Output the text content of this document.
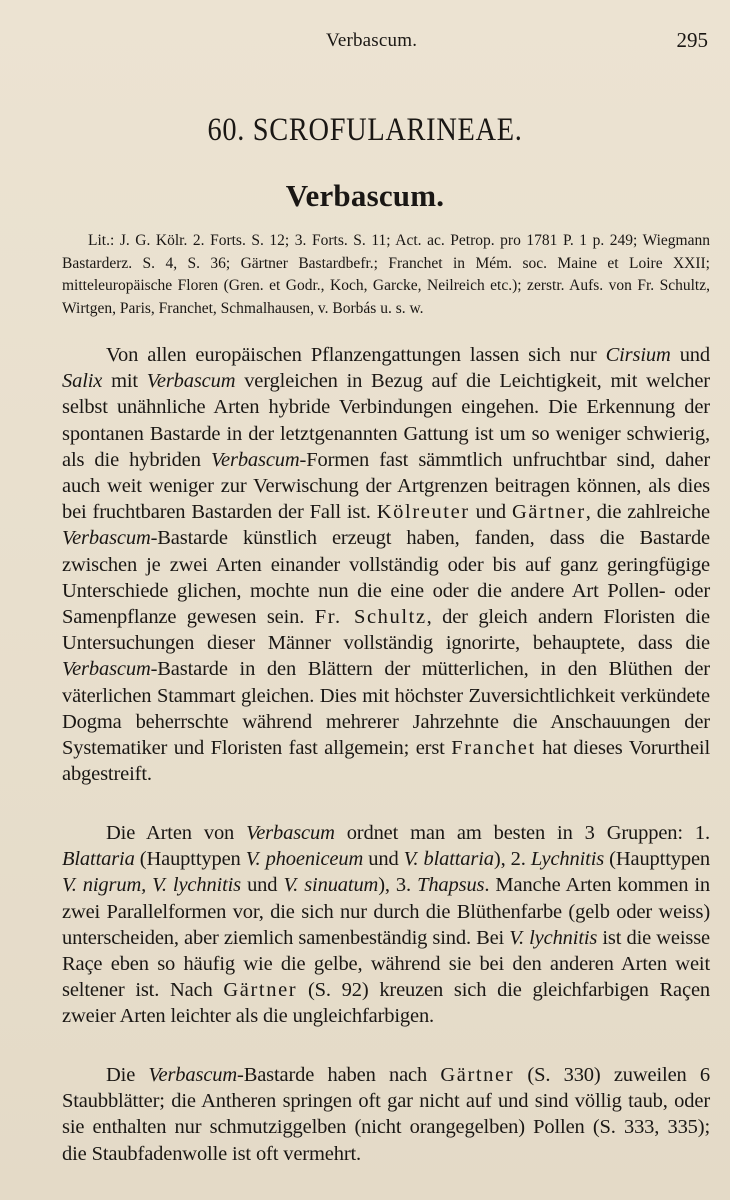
Verbascum.	295
60. SCROFULARINEAE.
Verbascum.

Lit.: J. G. Kölr. 2. Forts. S. 12; 3. Forts. S. 11; Act. ac. Petrop. pro 1781 P. 1 p. 249; Wiegmann Bastarderz. S. 4, S. 36; Gärtner Bastardbefr.; Franchet in Mém. soc. Maine et Loire XXII; mitteleuropäische Floren (Gren. et Godr., Koch, Garcke, Neilreich etc.); zerstr. Aufs. von Fr. Schultz, Wirtgen, Paris, Franchet, Schmalhausen, v. Borbás u. s. w.

Von allen europäischen Pflanzengattungen lassen sich nur Cirsium und Salix mit Verbascum vergleichen in Bezug auf die Leichtigkeit, mit welcher selbst unähnliche Arten hybride Verbindungen eingehen. Die Erkennung der spontanen Bastarde in der letztgenannten Gattung ist um so weniger schwierig, als die hybriden Verbascum-Formen fast sämmtlich unfruchtbar sind, daher auch weit weniger zur Verwischung der Artgrenzen beitragen können, als dies bei fruchtbaren Bastarden der Fall ist. Kölreuter und Gärtner, die zahlreiche Verbascum-Bastarde künstlich erzeugt haben, fanden, dass die Bastarde zwischen je zwei Arten einander vollständig oder bis auf ganz geringfügige Unterschiede glichen, mochte nun die eine oder die andere Art Pollen- oder Samenpflanze gewesen sein. Fr. Schultz, der gleich andern Floristen die Untersuchungen dieser Männer vollständig ignorirte, behauptete, dass die Verbascum-Bastarde in den Blättern der mütterlichen, in den Blüthen der väterlichen Stammart gleichen. Dies mit höchster Zuversichtlichkeit verkündete Dogma beherrschte während mehrerer Jahrzehnte die Anschauungen der Systematiker und Floristen fast allgemein; erst Franchet hat dieses Vorurtheil abgestreift.

Die Arten von Verbascum ordnet man am besten in 3 Gruppen: 1. Blattaria (Haupttypen V. phoeniceum und V. blattaria), 2. Lychnitis (Haupttypen V. nigrum, V. lychnitis und V. sinuatum), 3. Thapsus. Manche Arten kommen in zwei Parallelformen vor, die sich nur durch die Blüthenfarbe (gelb oder weiss) unterscheiden, aber ziemlich samenbeständig sind. Bei V. lychnitis ist die weisse Raçe eben so häufig wie die gelbe, während sie bei den anderen Arten weit seltener ist. Nach Gärtner (S. 92) kreuzen sich die gleichfarbigen Raçen zweier Arten leichter als die ungleichfarbigen.

Die Verbascum-Bastarde haben nach Gärtner (S. 330) zuweilen 6 Staubblätter; die Antheren springen oft gar nicht auf und sind völlig taub, oder sie enthalten nur schmutziggelben (nicht orangegelben) Pollen (S. 333, 335); die Staubfadenwolle ist oft vermehrt.
